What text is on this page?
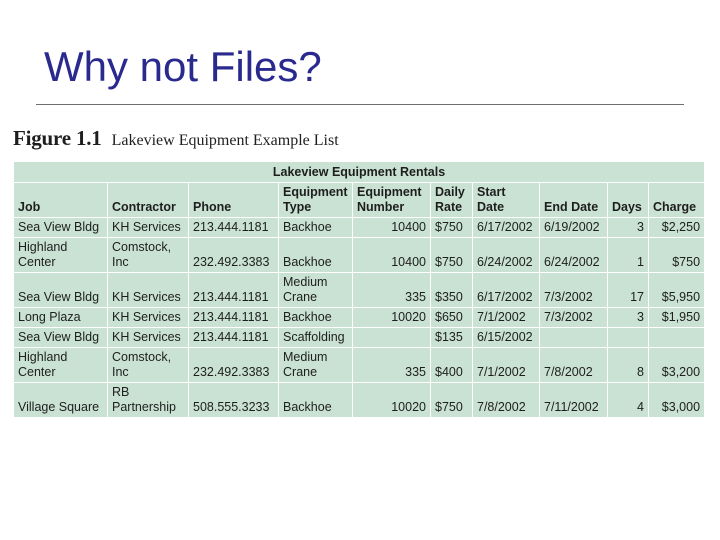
Why not Files?
Figure 1.1 Lakeview Equipment Example List
Lakeview Equipment Rentals									
Job	Contractor	Phone	Equipment Type	Equipment Number	Daily Rate	Start Date	End Date	Days	Charge
Sea View Bldg	KH Services	213.444.1181	Backhoe	10400	$750	6/17/2002	6/19/2002	3	$2,250
Highland Center	Comstock, Inc	232.492.3383	Backhoe	10400	$750	6/24/2002	6/24/2002	1	$750
Sea View Bldg	KH Services	213.444.1181	Medium Crane	335	$350	6/17/2002	7/3/2002	17	$5,950
Long Plaza	KH Services	213.444.1181	Backhoe	10020	$650	7/1/2002	7/3/2002	3	$1,950
Sea View Bldg	KH Services	213.444.1181	Scaffolding		$135	6/15/2002			
Highland Center	Comstock, Inc	232.492.3383	Medium Crane	335	$400	7/1/2002	7/8/2002	8	$3,200
Village Square	RB Partnership	508.555.3233	Backhoe	10020	$750	7/8/2002	7/11/2002	4	$3,000
